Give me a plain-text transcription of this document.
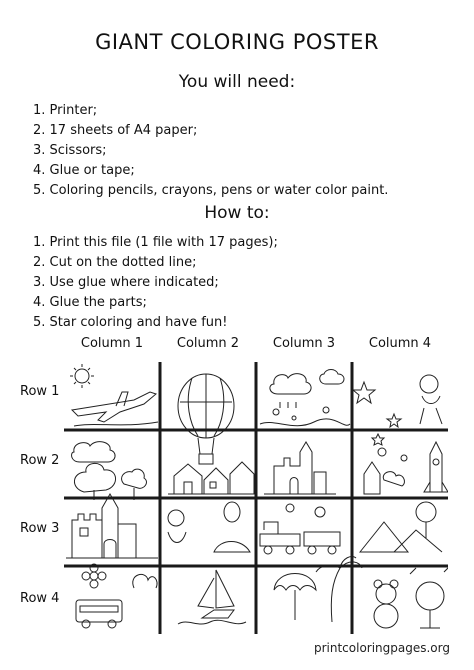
GIANT COLORING POSTER
You will need:
1. Printer;
2. 17 sheets of A4 paper;
3. Scissors;
4. Glue or tape;
5. Coloring pencils, crayons, pens or water color paint.
How to:
1. Print this file (1 file with 17 pages);
2. Cut on the dotted line;
3. Use glue where indicated;
4. Glue the parts;
5. Star coloring and have fun!
Column 1	Column 2	Column 3	Column 4
Row 1
Row 2
Row 3
Row 4
printcoloringpages.org
